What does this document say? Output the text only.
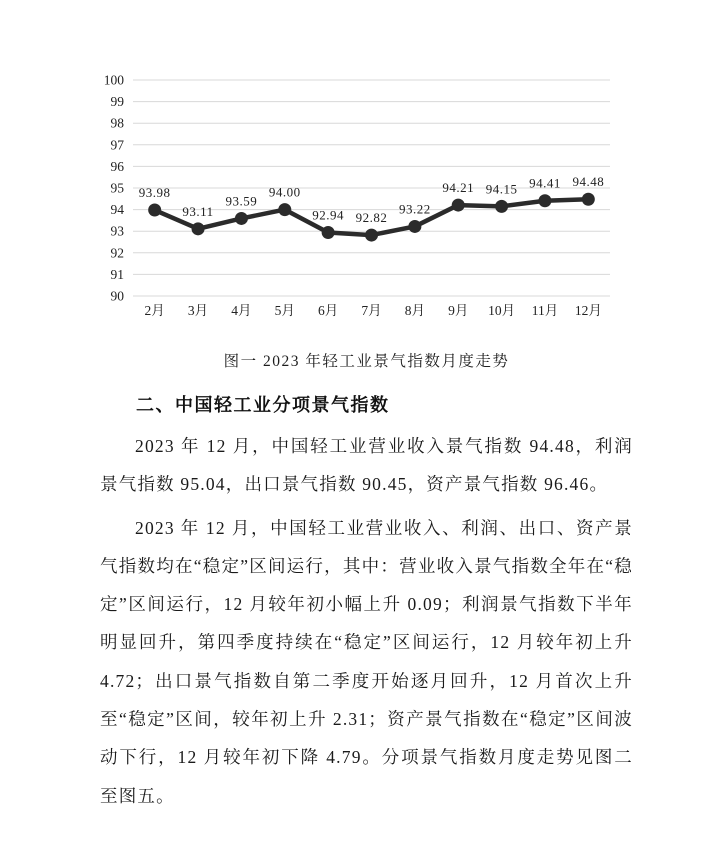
100
99
98
97
96
95
94
93
92
91
90
2月 3月 4月 5月 6月 7月 8月 9月 10月 11月 12月
93.98
93.11
93.59
94.00
92.94 92.82
93.22
94.21 94.15 94.41 94.48
图一 2023 年轻工业景气指数月度走势
二、中国轻工业分项景气指数

2023 年 12 月，中国轻工业营业收入景气指数 94.48，利润景气指数 95.04，出口景气指数 90.45，资产景气指数 96.46。

2023 年 12 月，中国轻工业营业收入、利润、出口、资产景气指数均在“稳定”区间运行，其中：营业收入景气指数全年在“稳定”区间运行，12 月较年初小幅上升 0.09；利润景气指数下半年明显回升，第四季度持续在“稳定”区间运行，12 月较年初上升 4.72；出口景气指数自第二季度开始逐月回升，12 月首次上升至“稳定”区间，较年初上升 2.31；资产景气指数在“稳定”区间波动下行，12 月较年初下降 4.79。分项景气指数月度走势见图二至图五。
